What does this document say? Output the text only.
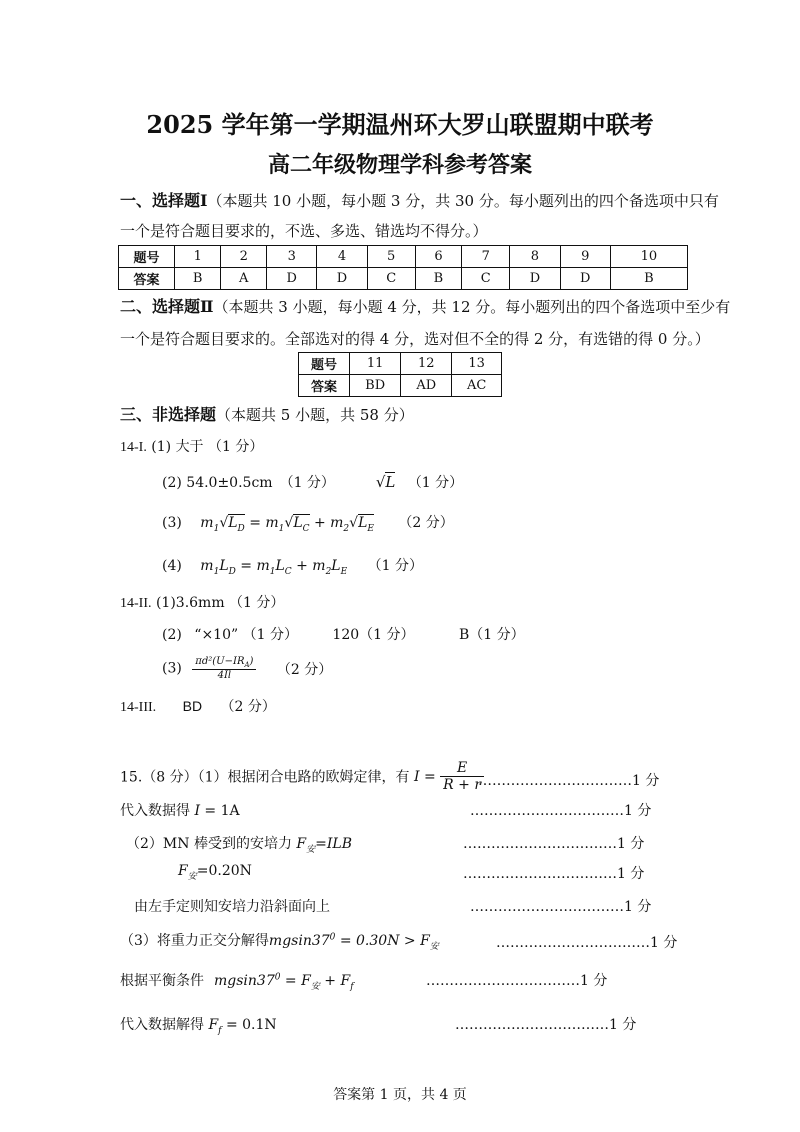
2025 学年第一学期温州环大罗山联盟期中联考
高二年级物理学科参考答案
一、选择题Ⅰ（本题共 10 小题，每小题 3 分，共 30 分。每小题列出的四个备选项中只有
一个是符合题目要求的，不选、多选、错选均不得分。）
题号	1	2	3	4	5	6	7	8	9	10
答案	B	A	D	D	C	B	C	D	D	B
二、选择题Ⅱ（本题共 3 小题，每小题 4 分，共 12 分。每小题列出的四个备选项中至少有
一个是符合题目要求的。全部选对的得 4 分，选对但不全的得 2 分，有选错的得 0 分。）
题号	11	12	13
答案	BD	AD	AC
三、非选择题（本题共 5 小题，共 58 分）
14-I. (1) 大于 （1 分）
(2) 54.0±0.5cm　（1 分）	√L （1 分）
(3) $m_1√L_D = m_1√L_C + m_2√L_E$ （2 分）
(4) $m_1L_D = m_1L_C + m_2L_E$ （1 分）
14-II. (1)3.6mm （1 分）
(2) “×10” （1 分） 120（1 分）	B（1 分）
$(3) \frac{\pi d^2(U-IR_A)}{4Il} (2$ 分）
14-III. BD （2 分）
15.（8 分）（1）根据闭合电路的欧姆定律，有 $I = \frac{E}{R + r}$
……………………………1 分
代入数据得 I = 1A	……………………………1 分
（2）MN 棒受到的安培力 $F_安=ILB$	……………………………1 分
$F_安=0.20N$	……………………………1 分
由左手定则知安培力沿斜面向上	……………………………1 分
（3）将重力正交分解得$mgsin37^0 = 0.30N > F_安$	……………………………1 分
根据平衡条件 $mgsin37^0 = F_安 + F_f$	……………………………1 分
代入数据解得 $F_f = 0.1N$	……………………………1 分
答案第 1 页，共 4 页
